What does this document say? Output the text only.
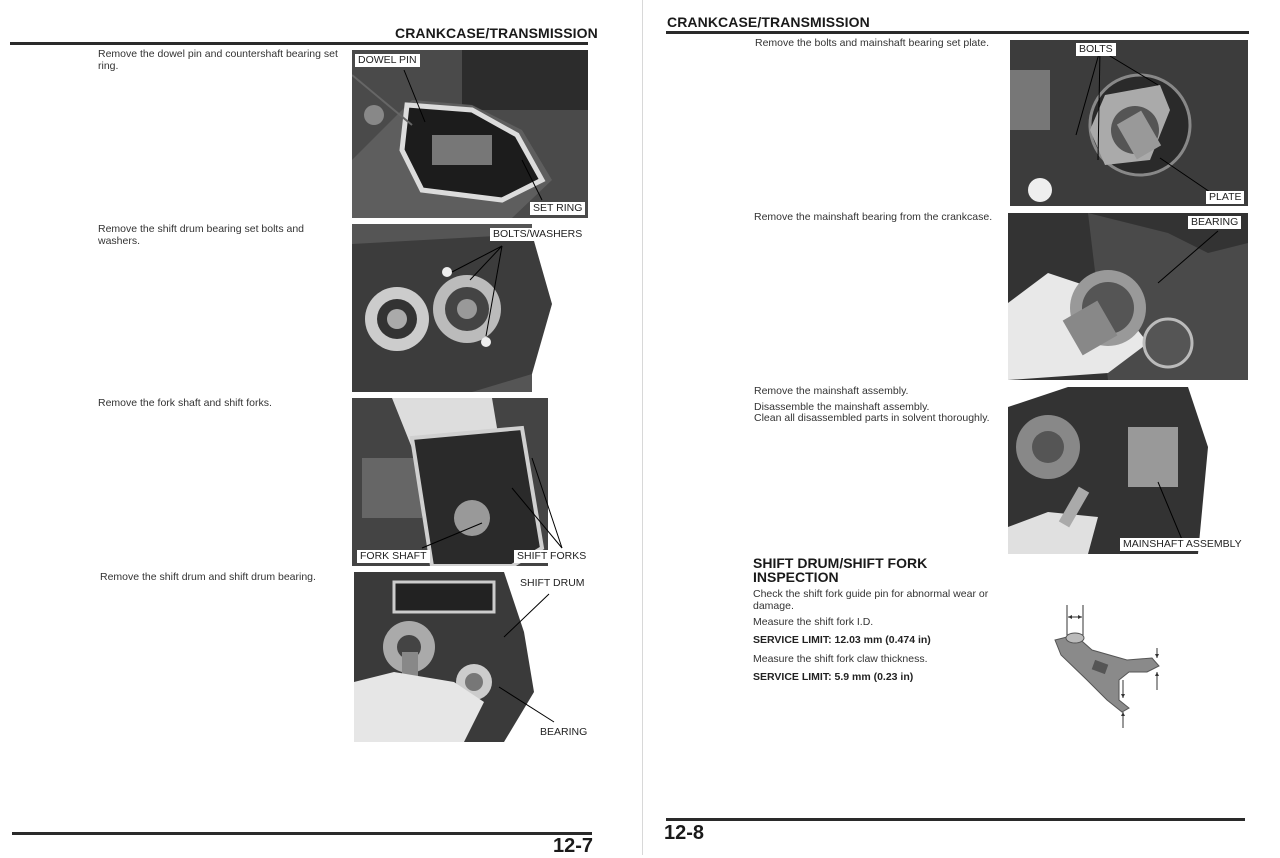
CRANKCASE/TRANSMISSION
Remove the dowel pin and countershaft bearing set ring.	DOWEL PIN
SET RING
Remove the shift drum bearing set bolts and washers.
BOLTS/WASHERS
Remove the fork shaft and shift forks.
FORK SHAFT	SHIFT FORKS
Remove the shift drum and shift drum bearing.	SHIFT DRUM
BEARING
12-7
CRANKCASE/TRANSMISSION
Remove the bolts and mainshaft bearing set plate.	BOLTS
PLATE
Remove the mainshaft bearing from the crankcase.	BEARING
Remove the mainshaft assembly.
Disassemble the mainshaft assembly.
Clean all disassembled parts in solvent thoroughly.
MAINSHAFT ASSEMBLY
SHIFT DRUM/SHIFT FORK
INSPECTION
Check the shift fork guide pin for abnormal wear or damage.
Measure the shift fork I.D.
SERVICE LIMIT: 12.03 mm (0.474 in)
Measure the shift fork claw thickness.
SERVICE LIMIT: 5.9 mm (0.23 in)
12-8
